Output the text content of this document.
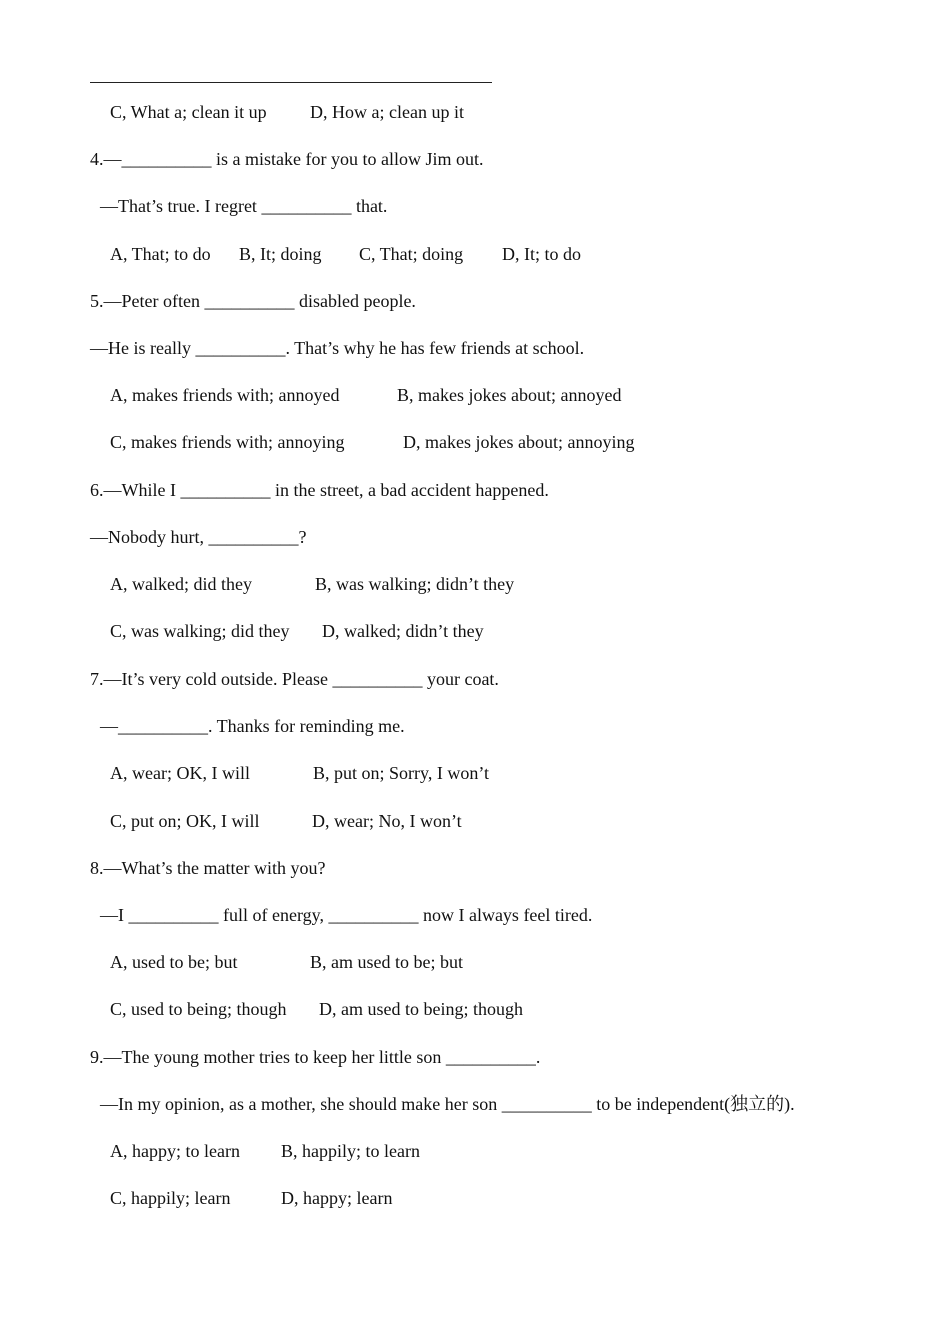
C, What a; clean it up D, How a; clean up it
4.—__________ is a mistake for you to allow Jim out.
—That’s true. I regret __________ that.
A, That; to do B, It; doing C, That; doing D, It; to do
5.—Peter often __________ disabled people.
—He is really __________. That’s why he has few friends at school.
A, makes friends with; annoyed	B, makes jokes about; annoyed
C, makes friends with; annoying	D, makes jokes about; annoying
6.—While I __________ in the street, a bad accident happened.
—Nobody hurt, __________?
A, walked; did they	B, was walking; didn’t they
C, was walking; did they D, walked; didn’t they
7.—It’s very cold outside. Please __________ your coat.
—__________. Thanks for reminding me.
A, wear; OK, I will	B, put on; Sorry, I won’t
C, put on; OK, I will	D, wear; No, I won’t
8.—What’s the matter with you?
—I __________ full of energy, __________ now I always feel tired.
A, used to be; but	B, am used to be; but
C, used to being; though D, am used to being; though
9.—The young mother tries to keep her little son __________.
—In my opinion, as a mother, she should make her son __________ to be independent(独立的).
A, happy; to learn B, happily; to learn
C, happily; learn	D, happy; learn
